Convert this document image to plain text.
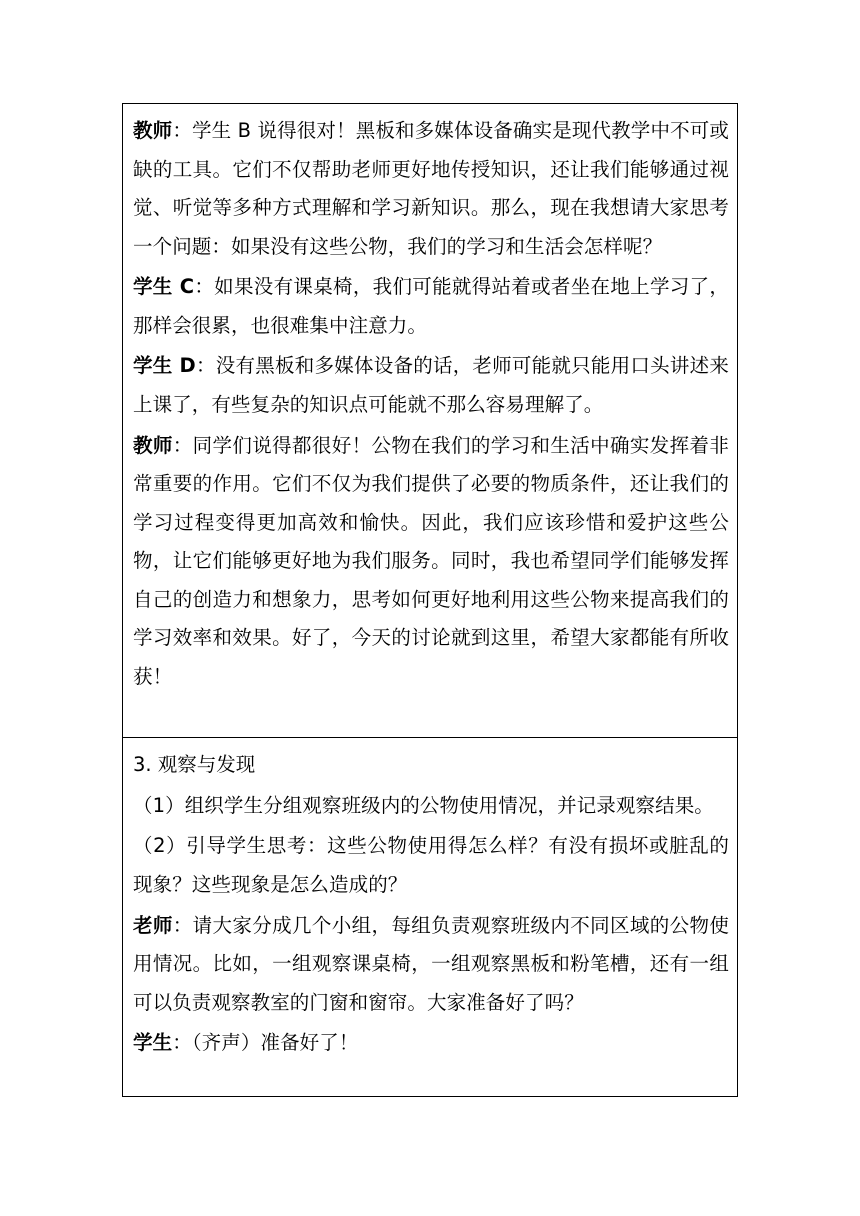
教师：学生 B 说得很对！黑板和多媒体设备确实是现代教学中不可或缺的工具。它们不仅帮助老师更好地传授知识，还让我们能够通过视觉、听觉等多种方式理解和学习新知识。那么，现在我想请大家思考一个问题：如果没有这些公物，我们的学习和生活会怎样呢？

学生 C：如果没有课桌椅，我们可能就得站着或者坐在地上学习了，那样会很累，也很难集中注意力。

学生 D：没有黑板和多媒体设备的话，老师可能就只能用口头讲述来上课了，有些复杂的知识点可能就不那么容易理解了。

教师：同学们说得都很好！公物在我们的学习和生活中确实发挥着非常重要的作用。它们不仅为我们提供了必要的物质条件，还让我们的学习过程变得更加高效和愉快。因此，我们应该珍惜和爱护这些公物，让它们能够更好地为我们服务。同时，我也希望同学们能够发挥自己的创造力和想象力，思考如何更好地利用这些公物来提高我们的学习效率和效果。好了，今天的讨论就到这里，希望大家都能有所收获！

3. 观察与发现

（1）组织学生分组观察班级内的公物使用情况，并记录观察结果。

（2）引导学生思考：这些公物使用得怎么样？有没有损坏或脏乱的现象？这些现象是怎么造成的？

老师：请大家分成几个小组，每组负责观察班级内不同区域的公物使用情况。比如，一组观察课桌椅，一组观察黑板和粉笔槽，还有一组可以负责观察教室的门窗和窗帘。大家准备好了吗？

学生：（齐声）准备好了！
